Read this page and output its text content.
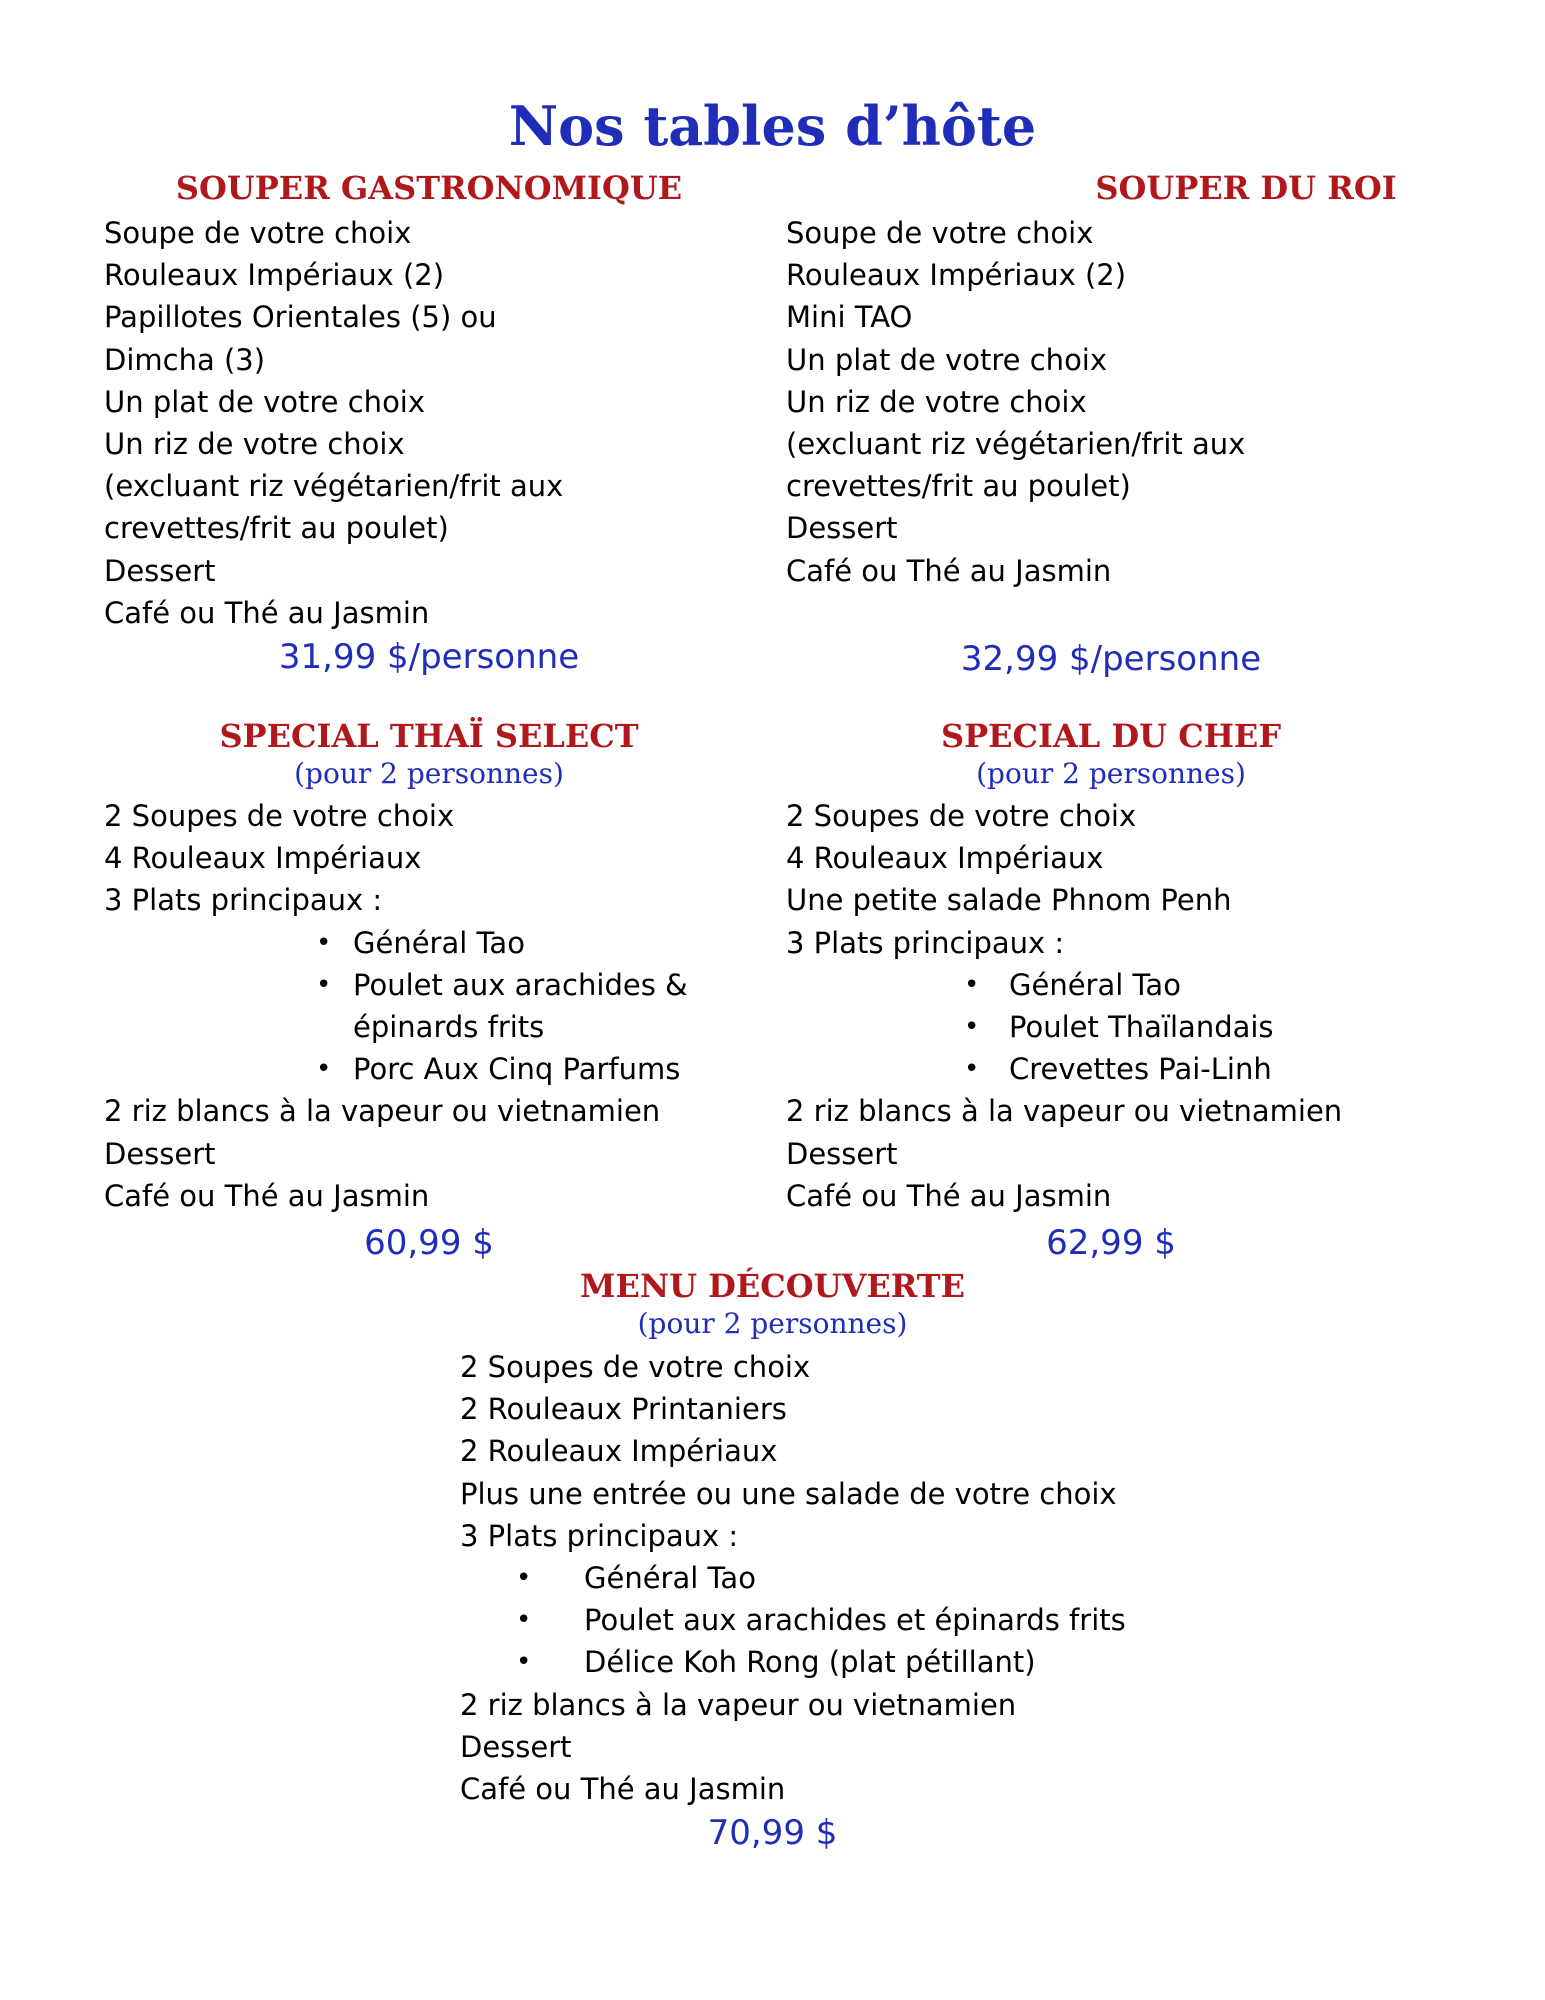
Nos tables d’hôte
SOUPER GASTRONOMIQUE
Soupe de votre choix
Rouleaux Impériaux (2)
Papillotes Orientales (5) ou
Dimcha (3)
Un plat de votre choix
Un riz de votre choix
(excluant riz végétarien/frit aux
crevettes/frit au poulet)
Dessert
Café ou Thé au Jasmin
31,99 $/personne
SOUPER DU ROI
Soupe de votre choix
Rouleaux Impériaux (2)
Mini TAO
Un plat de votre choix
Un riz de votre choix
(excluant riz végétarien/frit aux
crevettes/frit au poulet)
Dessert
Café ou Thé au Jasmin
32,99 $/personne
SPECIAL THAÏ SELECT
(pour 2 personnes)
2 Soupes de votre choix
4 Rouleaux Impériaux
3 Plats principaux :
• Général Tao
• Poulet aux arachides &
épinards frits
• Porc Aux Cinq Parfums
2 riz blancs à la vapeur ou vietnamien
Dessert
Café ou Thé au Jasmin
60,99 $
SPECIAL DU CHEF
(pour 2 personnes)
2 Soupes de votre choix
4 Rouleaux Impériaux
Une petite salade Phnom Penh
3 Plats principaux :
• Général Tao
• Poulet Thaïlandais
• Crevettes Pai-Linh
2 riz blancs à la vapeur ou vietnamien
Dessert
Café ou Thé au Jasmin
62,99 $
MENU DÉCOUVERTE
(pour 2 personnes)
2 Soupes de votre choix
2 Rouleaux Printaniers
2 Rouleaux Impériaux
Plus une entrée ou une salade de votre choix
3 Plats principaux :
• Général Tao
• Poulet aux arachides et épinards frits
• Délice Koh Rong (plat pétillant)
2 riz blancs à la vapeur ou vietnamien
Dessert
Café ou Thé au Jasmin
70,99 $
